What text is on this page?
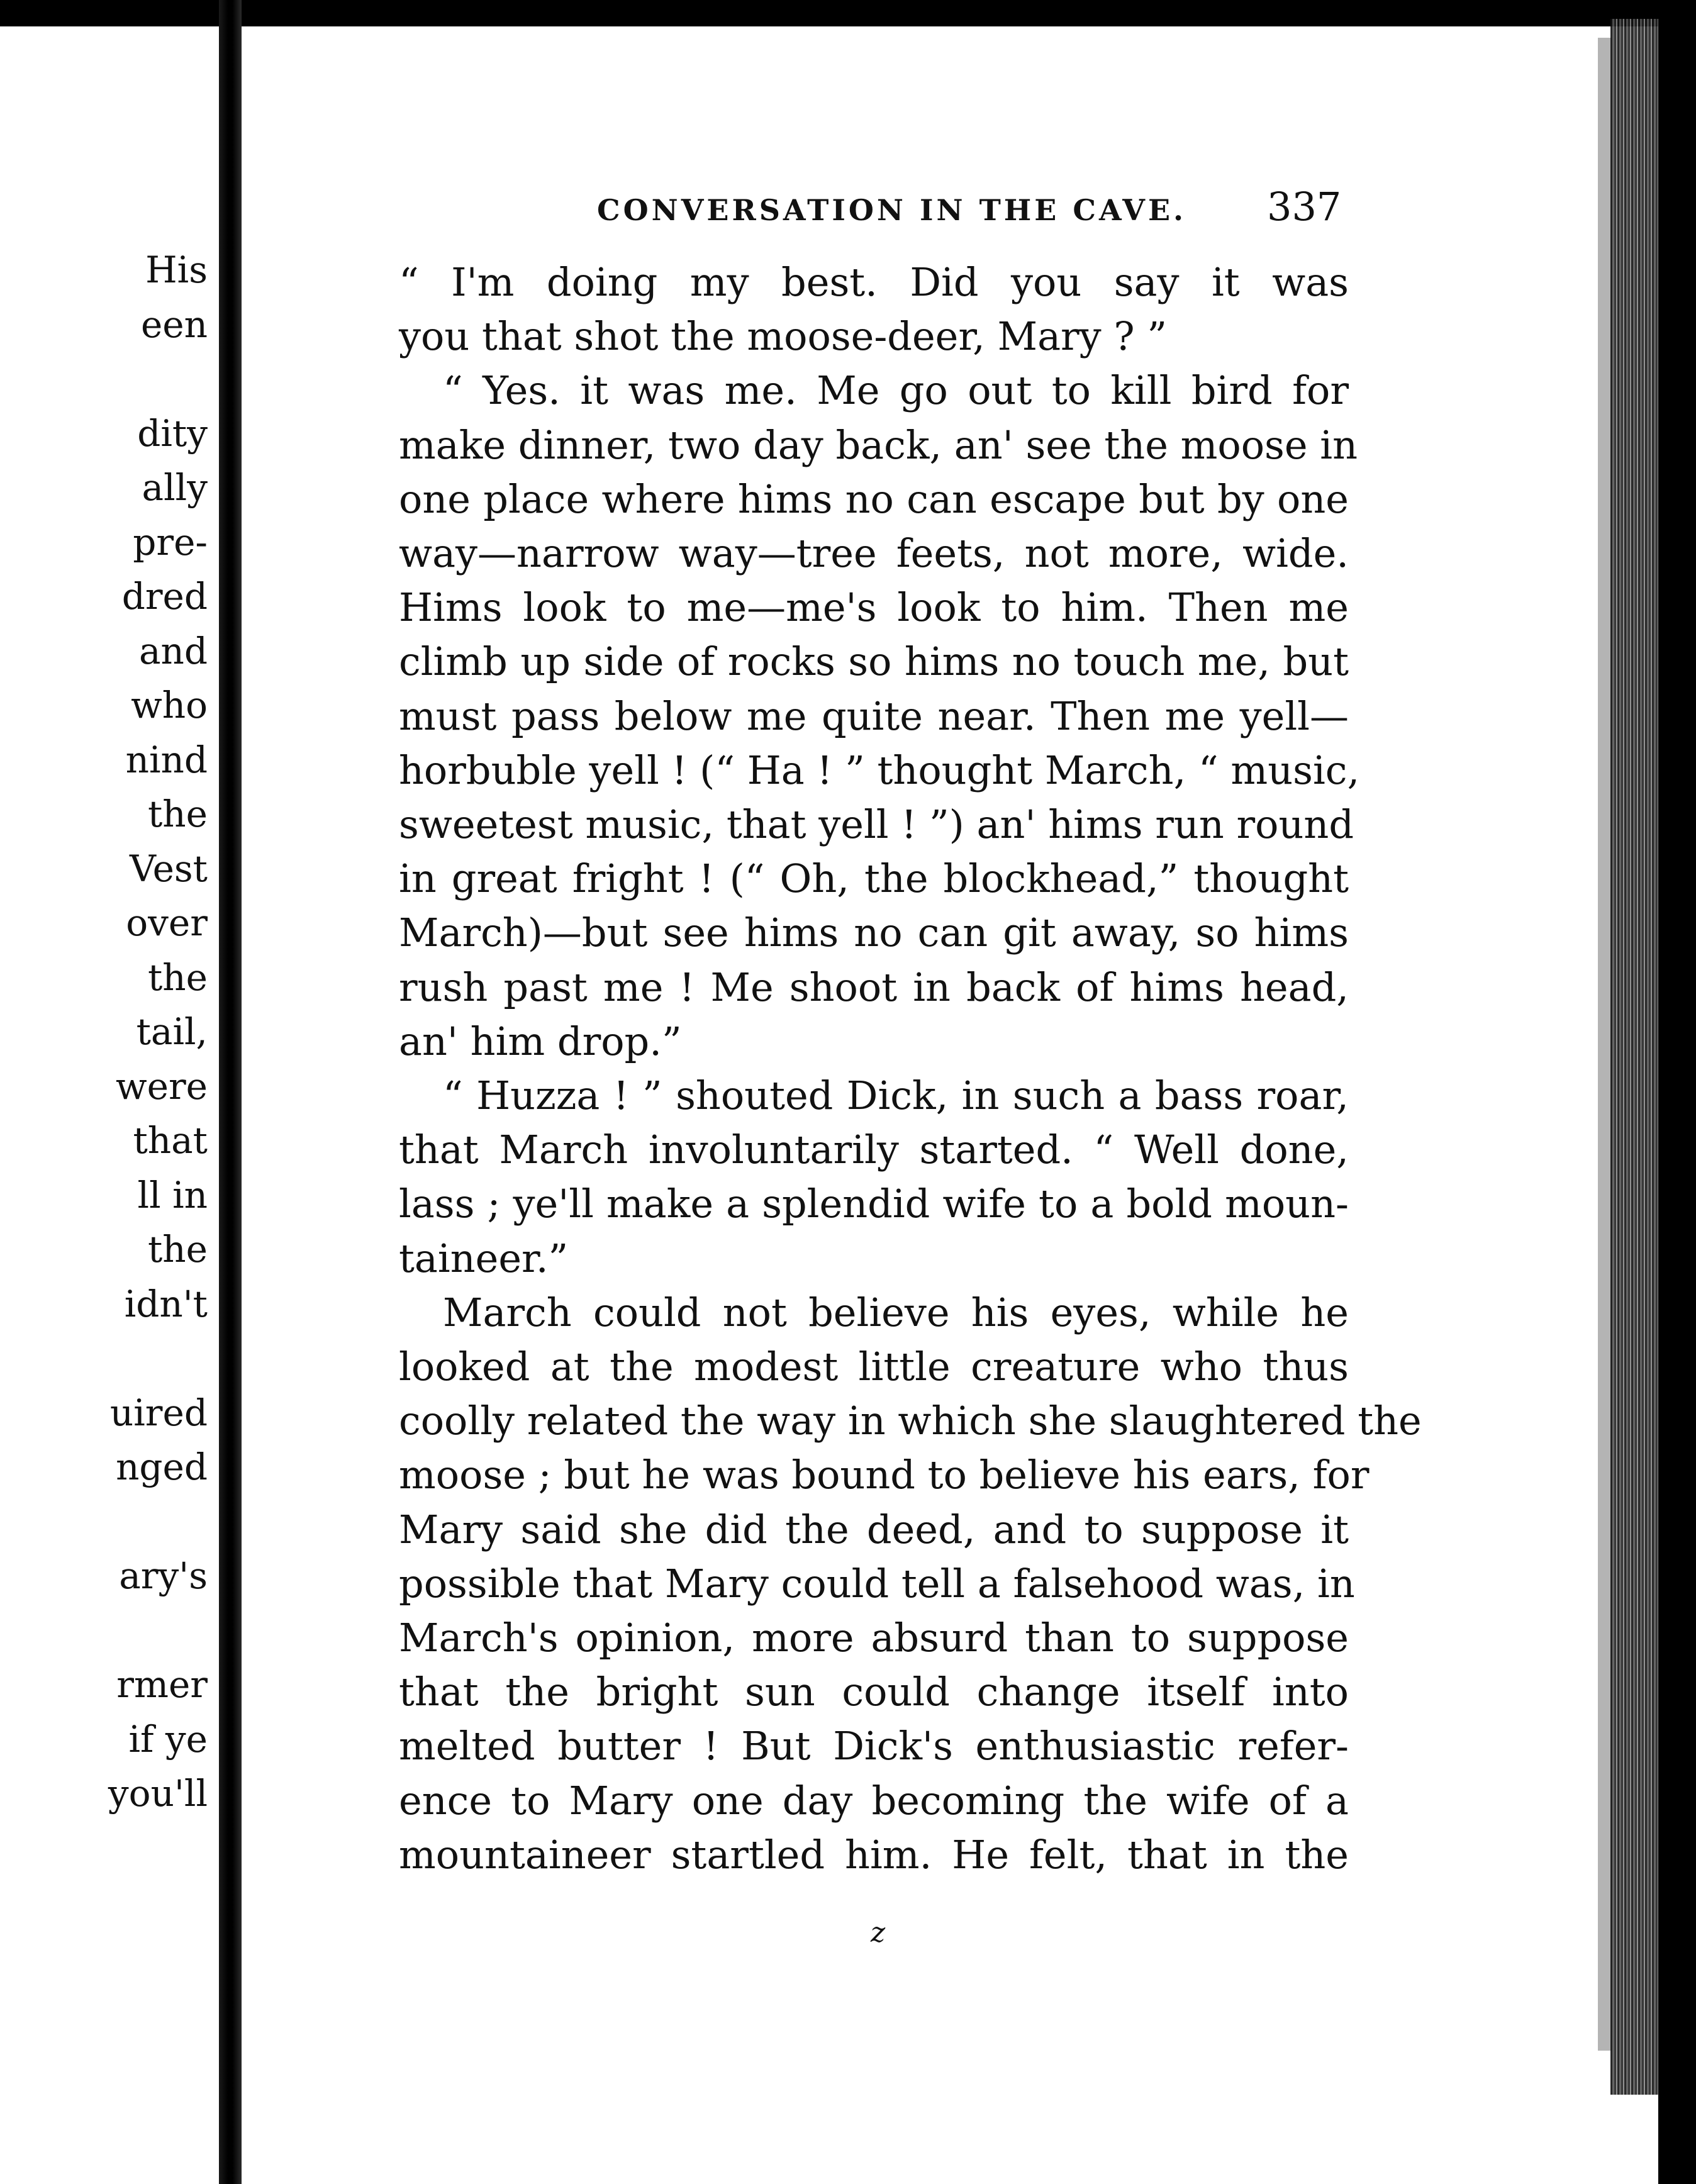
His
een
dity
ally
pre-
dred
and
who
nind
the
Vest
over
the
tail,
were
that
ll in
the
idn't
uired
nged
ary's
rmer
if ye
you'll
CONVERSATION IN THE CAVE. 337
“ I'm doing my best. Did you say it was
you that shot the moose-deer, Mary ? ”
“ Yes. it was me. Me go out to kill bird for
make dinner, two day back, an' see the moose in
one place where hims no can escape but by one
way—narrow way—tree feets, not more, wide.
Hims look to me—me's look to him. Then me
climb up side of rocks so hims no touch me, but
must pass below me quite near. Then me yell—
horbuble yell ! (“ Ha ! ” thought March, “ music,
sweetest music, that yell ! ”) an' hims run round
in great fright ! (“ Oh, the blockhead,” thought
March)—but see hims no can git away, so hims
rush past me ! Me shoot in back of hims head,
an' him drop.”
“ Huzza ! ” shouted Dick, in such a bass roar,
that March involuntarily started. “ Well done,
lass ; ye'll make a splendid wife to a bold moun-
taineer.”
March could not believe his eyes, while he
looked at the modest little creature who thus
coolly related the way in which she slaughtered the
moose ; but he was bound to believe his ears, for
Mary said she did the deed, and to suppose it
possible that Mary could tell a falsehood was, in
March's opinion, more absurd than to suppose
that the bright sun could change itself into
melted butter ! But Dick's enthusiastic refer-
ence to Mary one day becoming the wife of a
mountaineer startled him. He felt, that in the
z
